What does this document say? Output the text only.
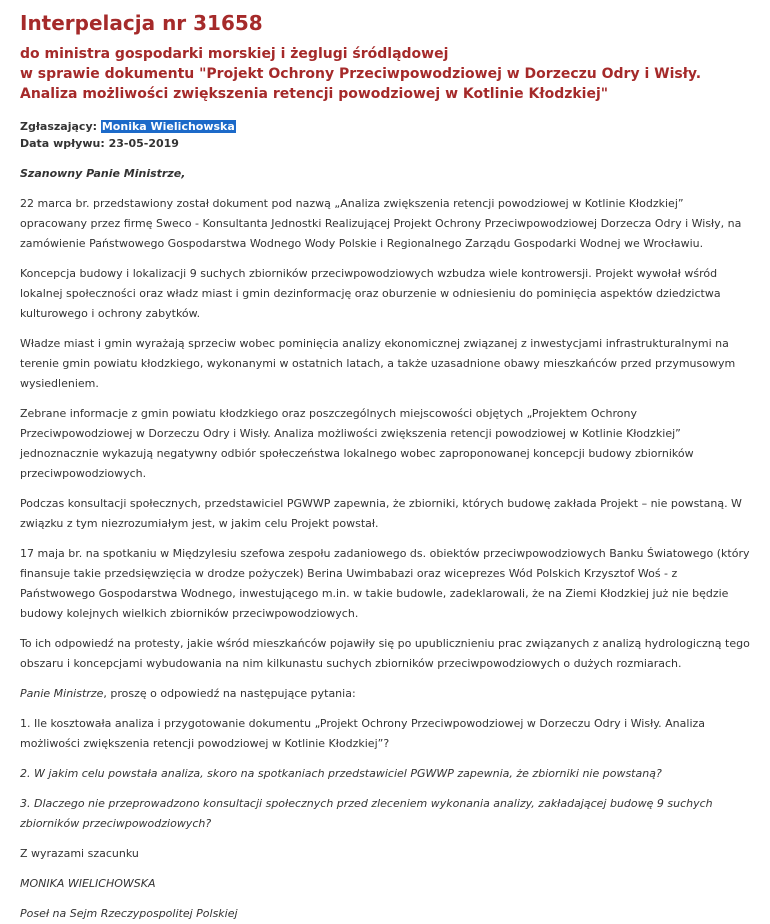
Interpelacja nr 31658
do ministra gospodarki morskiej i żeglugi śródlądowej
w sprawie dokumentu "Projekt Ochrony Przeciwpowodziowej w Dorzeczu Odry i Wisły. Analiza możliwości zwiększenia retencji powodziowej w Kotlinie Kłodzkiej"
Zgłaszający: Monika Wielichowska
Data wpływu: 23-05-2019

Szanowny Panie Ministrze,

22 marca br. przedstawiony został dokument pod nazwą „Analiza zwiększenia retencji powodziowej w Kotlinie Kłodzkiej” opracowany przez firmę Sweco - Konsultanta Jednostki Realizującej Projekt Ochrony Przeciwpowodziowej Dorzecza Odry i Wisły, na zamówienie Państwowego Gospodarstwa Wodnego Wody Polskie i Regionalnego Zarządu Gospodarki Wodnej we Wrocławiu.

Koncepcja budowy i lokalizacji 9 suchych zbiorników przeciwpowodziowych wzbudza wiele kontrowersji. Projekt wywołał wśród lokalnej społeczności oraz władz miast i gmin dezinformację oraz oburzenie w odniesieniu do pominięcia aspektów dziedzictwa kulturowego i ochrony zabytków.

Władze miast i gmin wyrażają sprzeciw wobec pominięcia analizy ekonomicznej związanej z inwestycjami infrastrukturalnymi na terenie gmin powiatu kłodzkiego, wykonanymi w ostatnich latach, a także uzasadnione obawy mieszkańców przed przymusowym wysiedleniem.

Zebrane informacje z gmin powiatu kłodzkiego oraz poszczególnych miejscowości objętych „Projektem Ochrony Przeciwpowodziowej w Dorzeczu Odry i Wisły. Analiza możliwości zwiększenia retencji powodziowej w Kotlinie Kłodzkiej” jednoznacznie wykazują negatywny odbiór społeczeństwa lokalnego wobec zaproponowanej koncepcji budowy zbiorników przeciwpowodziowych.

Podczas konsultacji społecznych, przedstawiciel PGWWP zapewnia, że zbiorniki, których budowę zakłada Projekt – nie powstaną. W związku z tym niezrozumiałym jest, w jakim celu Projekt powstał.

17 maja br. na spotkaniu w Międzylesiu szefowa zespołu zadaniowego ds. obiektów przeciwpowodziowych Banku Światowego (który finansuje takie przedsięwzięcia w drodze pożyczek) Berina Uwimbabazi oraz wiceprezes Wód Polskich Krzysztof Woś - z Państwowego Gospodarstwa Wodnego, inwestującego m.in. w takie budowle, zadeklarowali, że na Ziemi Kłodzkiej już nie będzie budowy kolejnych wielkich zbiorników przeciwpowodziowych.

To ich odpowiedź na protesty, jakie wśród mieszkańców pojawiły się po upublicznieniu prac związanych z analizą hydrologiczną tego obszaru i koncepcjami wybudowania na nim kilkunastu suchych zbiorników przeciwpowodziowych o dużych rozmiarach.

Panie Ministrze, proszę o odpowiedź na następujące pytania:

1. Ile kosztowała analiza i przygotowanie dokumentu „Projekt Ochrony Przeciwpowodziowej w Dorzeczu Odry i Wisły. Analiza możliwości zwiększenia retencji powodziowej w Kotlinie Kłodzkiej”?

2. W jakim celu powstała analiza, skoro na spotkaniach przedstawiciel PGWWP zapewnia, że zbiorniki nie powstaną?

3. Dlaczego nie przeprowadzono konsultacji społecznych przed zleceniem wykonania analizy, zakładającej budowę 9 suchych zbiorników przeciwpowodziowych?

Z wyrazami szacunku

MONIKA WIELICHOWSKA

Poseł na Sejm Rzeczypospolitej Polskiej
